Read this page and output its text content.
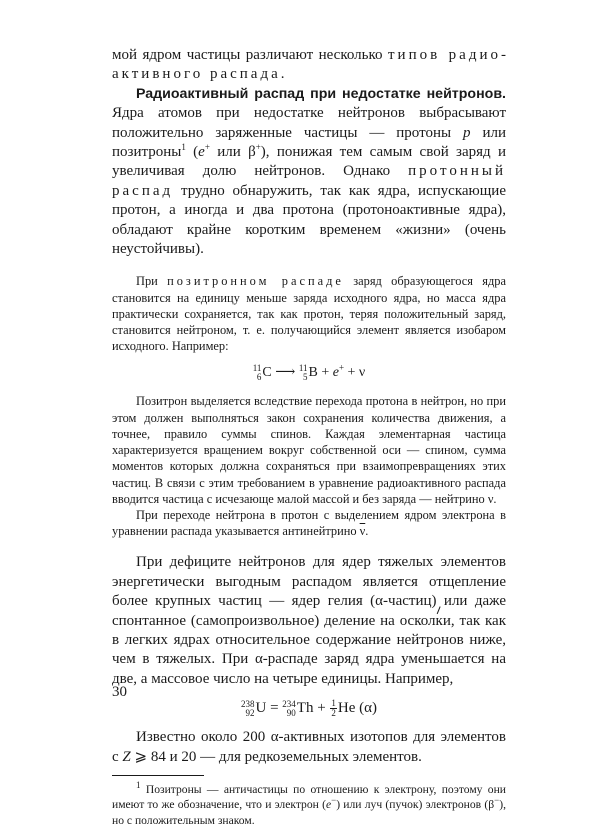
мой ядром частицы различают несколько типов радиоактивного распада.

Радиоактивный распад при недостатке нейтронов. Ядра атомов при недостатке нейтронов выбрасывают положительно заряженные частицы — протоны p или позитроны$^1$ (e+ или β+), понижая тем самым свой заряд и увеличивая долю нейтронов. Однако протонный распад трудно обнаружить, так как ядра, испускающие протон, а иногда и два протона (протоноактивные ядра), обладают крайне коротким временем «жизни» (очень неустойчивы).

При позитронном распаде заряд образующегося ядра становится на единицу меньше заряда исходного ядра, но масса ядра практически сохраняется, так как протон, теряя положительный заряд, становится нейтроном, т. е. получающийся элемент является изобаром исходного. Например:

11
6 C ⟶ 11
5 B + e+ + ν

Позитрон выделяется вследствие перехода протона в нейтрон, но при этом должен выполняться закон сохранения количества движения, а точнее, правило суммы спинов. Каждая элементарная частица характеризуется вращением вокруг собственной оси — спином, сумма моментов которых должна сохраняться при взаимопревращениях этих частиц. В связи с этим требованием в уравнение радиоактивного распада вводится частица с исчезающе малой массой и без заряда — нейтрино ν.

При переходе нейтрона в протон с выделением ядром электрона в уравнении распада указывается антинейтрино $\overline{\nu}$.

При дефиците нейтронов для ядер тяжелых элементов энергетически выгодным распадом является отщепление более крупных частиц — ядер гелия (α-частиц) или даже спонтанное (самопроизвольное) деление на осколки, так как в легких ядрах относительное содержание нейтронов ниже, чем в тяжелых. При α-распаде заряд ядра уменьшается на две, а массовое число на четыре единицы. Например,

238
92 U = 234
90 $Th + \frac{1}{2}$ He (α)

Известно около 200 α-активных изотопов для элементов с Z ⩾ 84 и 20 — для редкоземельных элементов.

$^1$ Позитроны — античастицы по отношению к электрону, поэтому они имеют то же обозначение, что и электрон (e−) или луч (пучок) электронов (β−), но с положительным знаком.

30
